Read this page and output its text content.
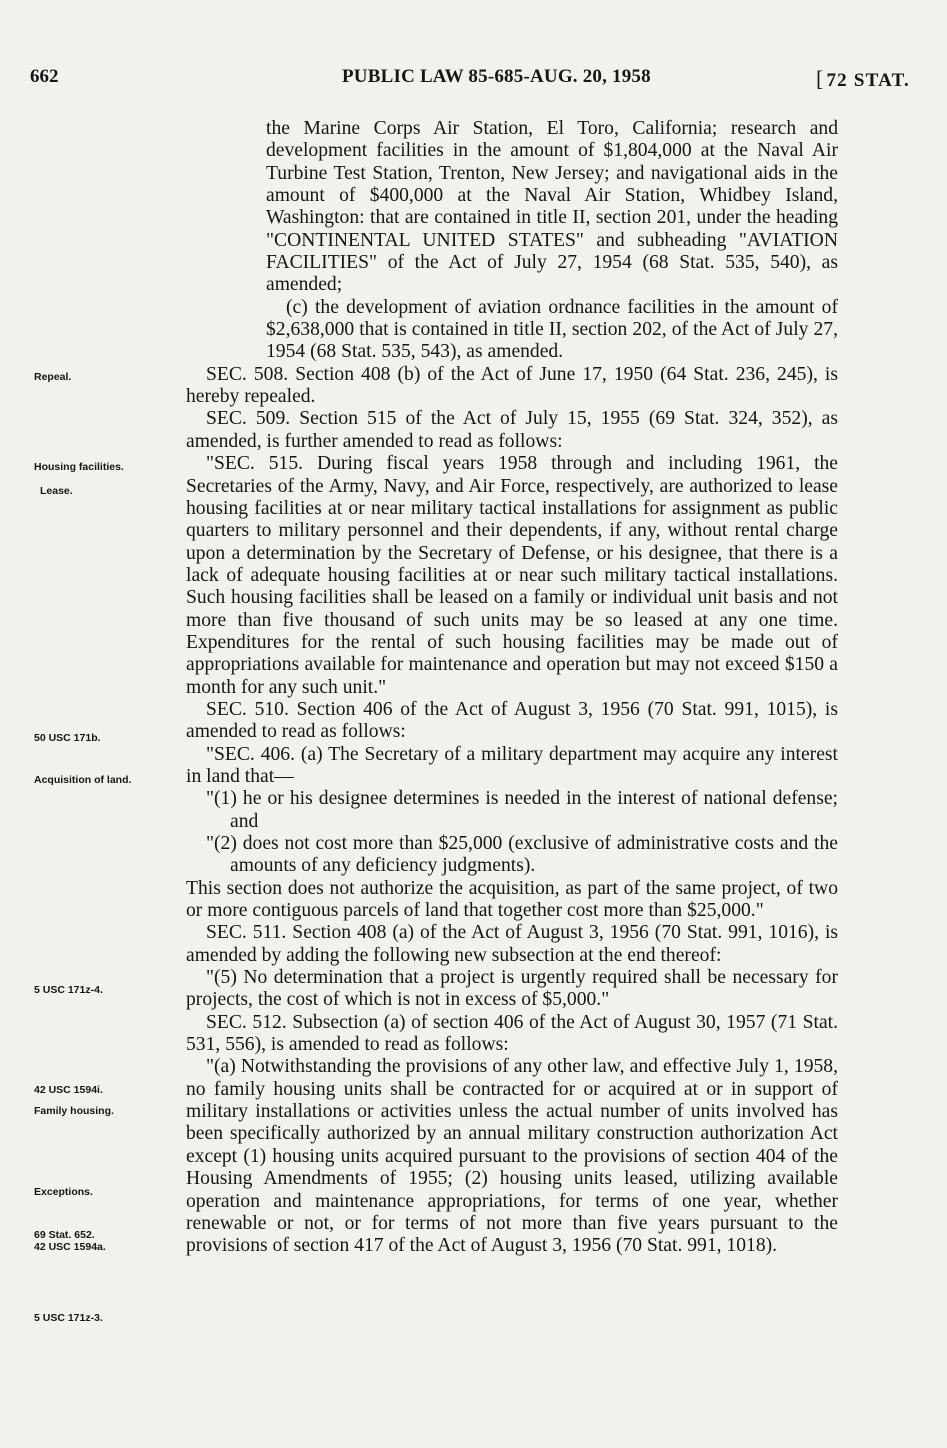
662	PUBLIC LAW 85-685-AUG. 20, 1958	[ 72 STAT.
Repeal.
Housing facilities.
Lease.
50 USC 171b.
Acquisition of land.
5 USC 171z-4.
42 USC 1594i.
Family housing.
Exceptions.
69 Stat. 652.
42 USC 1594a.
5 USC 171z-3.

the Marine Corps Air Station, El Toro, California; research and development facilities in the amount of $1,804,000 at the Naval Air Turbine Test Station, Trenton, New Jersey; and navigational aids in the amount of $400,000 at the Naval Air Station, Whidbey Island, Washington: that are contained in title II, section 201, under the heading "CONTINENTAL UNITED STATES" and subheading "AVIATION FACILITIES" of the Act of July 27, 1954 (68 Stat. 535, 540), as amended;

(c) the development of aviation ordnance facilities in the amount of $2,638,000 that is contained in title II, section 202, of the Act of July 27, 1954 (68 Stat. 535, 543), as amended.

SEC. 508. Section 408 (b) of the Act of June 17, 1950 (64 Stat. 236, 245), is hereby repealed.

SEC. 509. Section 515 of the Act of July 15, 1955 (69 Stat. 324, 352), as amended, is further amended to read as follows:

"SEC. 515. During fiscal years 1958 through and including 1961, the Secretaries of the Army, Navy, and Air Force, respectively, are authorized to lease housing facilities at or near military tactical installations for assignment as public quarters to military personnel and their dependents, if any, without rental charge upon a determination by the Secretary of Defense, or his designee, that there is a lack of adequate housing facilities at or near such military tactical installations. Such housing facilities shall be leased on a family or individual unit basis and not more than five thousand of such units may be so leased at any one time. Expenditures for the rental of such housing facilities may be made out of appropriations available for maintenance and operation but may not exceed $150 a month for any such unit."

SEC. 510. Section 406 of the Act of August 3, 1956 (70 Stat. 991, 1015), is amended to read as follows:

"SEC. 406. (a) The Secretary of a military department may acquire any interest in land that—

"(1) he or his designee determines is needed in the interest of national defense; and

"(2) does not cost more than $25,000 (exclusive of administrative costs and the amounts of any deficiency judgments).

This section does not authorize the acquisition, as part of the same project, of two or more contiguous parcels of land that together cost more than $25,000."

SEC. 511. Section 408 (a) of the Act of August 3, 1956 (70 Stat. 991, 1016), is amended by adding the following new subsection at the end thereof:

"(5) No determination that a project is urgently required shall be necessary for projects, the cost of which is not in excess of $5,000."

SEC. 512. Subsection (a) of section 406 of the Act of August 30, 1957 (71 Stat. 531, 556), is amended to read as follows:

"(a) Notwithstanding the provisions of any other law, and effective July 1, 1958, no family housing units shall be contracted for or acquired at or in support of military installations or activities unless the actual number of units involved has been specifically authorized by an annual military construction authorization Act except (1) housing units acquired pursuant to the provisions of section 404 of the Housing Amendments of 1955; (2) housing units leased, utilizing available operation and maintenance appropriations, for terms of one year, whether renewable or not, or for terms of not more than five years pursuant to the provisions of section 417 of the Act of August 3, 1956 (70 Stat. 991, 1018).
